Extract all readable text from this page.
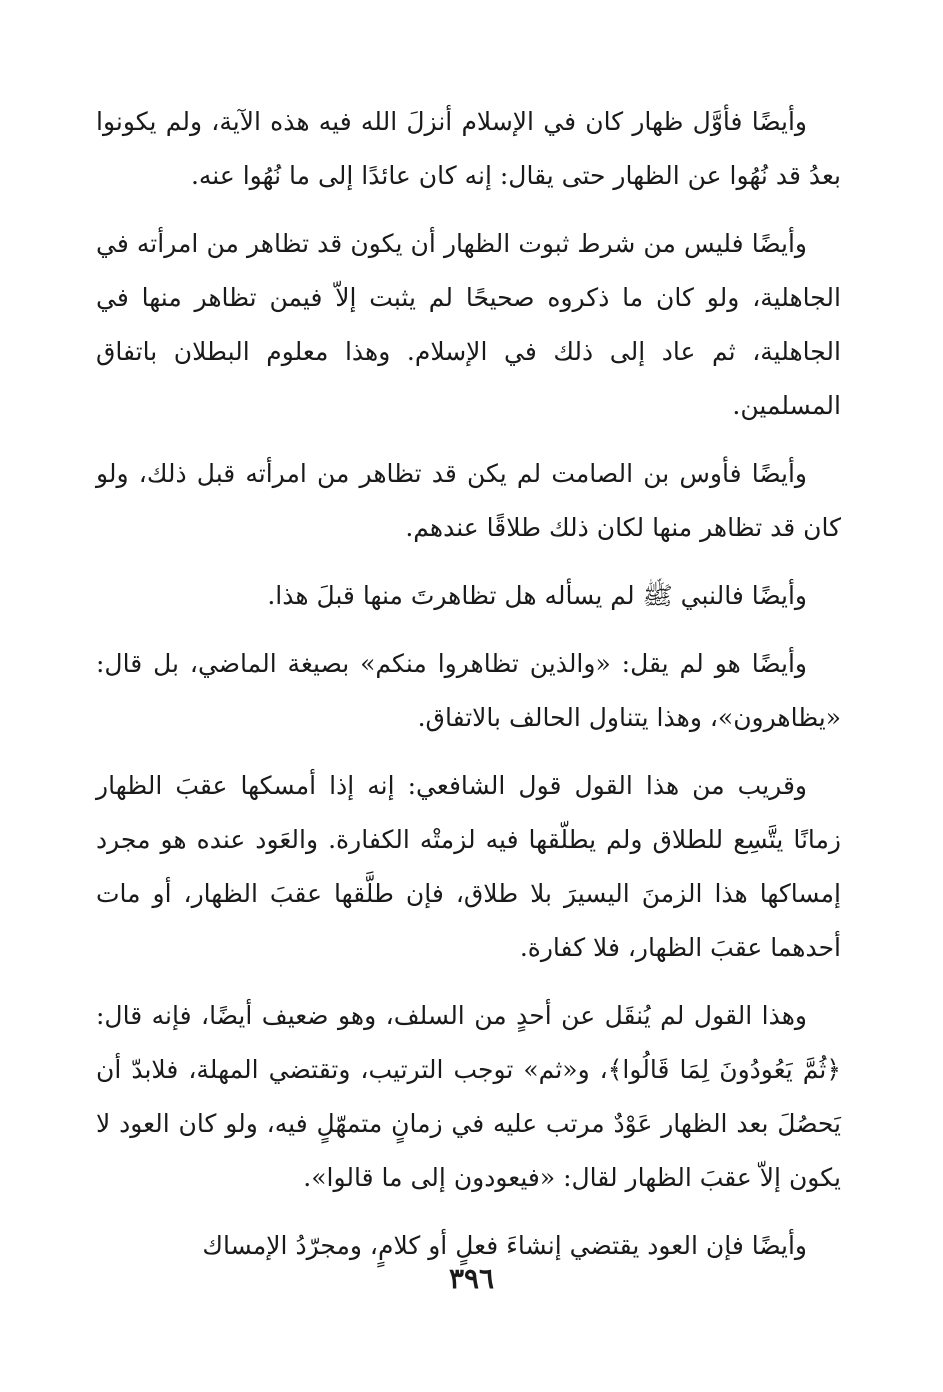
وأيضًا فأوَّل ظهار كان في الإسلام أنزلَ الله فيه هذه الآية، ولم يكونوا بعدُ قد نُهُوا عن الظهار حتى يقال: إنه كان عائدًا إلى ما نُهُوا عنه.

وأيضًا فليس من شرط ثبوت الظهار أن يكون قد تظاهر من امرأته في الجاهلية، ولو كان ما ذكروه صحيحًا لم يثبت إلاّ فيمن تظاهر منها في الجاهلية، ثم عاد إلى ذلك في الإسلام. وهذا معلوم البطلان باتفاق المسلمين.

وأيضًا فأوس بن الصامت لم يكن قد تظاهر من امرأته قبل ذلك، ولو كان قد تظاهر منها لكان ذلك طلاقًا عندهم.

وأيضًا فالنبي ﷺ لم يسأله هل تظاهرتَ منها قبلَ هذا.

وأيضًا هو لم يقل: «والذين تظاهروا منكم» بصيغة الماضي، بل قال: «يظاهرون»، وهذا يتناول الحالف بالاتفاق.

وقريب من هذا القول قول الشافعي: إنه إذا أمسكها عقبَ الظهار زمانًا يتَّسِع للطلاق ولم يطلّقها فيه لزمتْه الكفارة. والعَود عنده هو مجرد إمساكها هذا الزمنَ اليسيرَ بلا طلاق، فإن طلَّقها عقبَ الظهار، أو مات أحدهما عقبَ الظهار، فلا كفارة.

وهذا القول لم يُنقَل عن أحدٍ من السلف، وهو ضعيف أيضًا، فإنه قال: ﴿ثُمَّ يَعُودُونَ لِمَا قَالُوا﴾، و«ثم» توجب الترتيب، وتقتضي المهلة، فلابدّ أن يَحصُلَ بعد الظهار عَوْدٌ مرتب عليه في زمانٍ متمهّلٍ فيه، ولو كان العود لا يكون إلاّ عقبَ الظهار لقال: «فيعودون إلى ما قالوا».

وأيضًا فإن العود يقتضي إنشاءَ فعلٍ أو كلامٍ، ومجرّدُ الإمساك

٣٩٦
